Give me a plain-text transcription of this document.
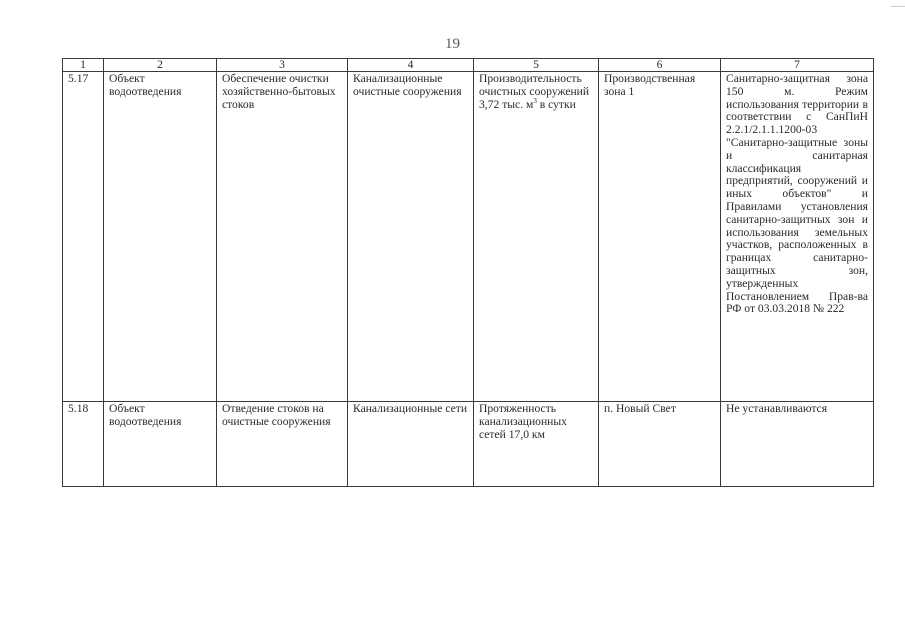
19
1	2	3	4	5	6	7
5.17	Объект водоотведения	Обеспечение очистки хозяйственно-бытовых стоков	Канализационные очистные сооружения	Производительность очистных сооружений 3,72 тыс. $м^3$ в сутки	Производственная зона 1	Санитарно-защитная зона 150 м. Режим использования территории в соответствии с СанПиН 2.2.1/2.1.1.1200-03 "Санитарно-защитные зоны и санитарная классификация предприятий, сооружений и иных объектов" и Правилами установления санитарно-защитных зон и использования земельных участков, расположенных в границах санитарно-защитных зон, утвержденных Постановлением Прав-ва РФ от 03.03.2018 № 222
5.18	Объект водоотведения	Отведение стоков на очистные сооружения	Канализационные сети	Протяженность канализационных сетей 17,0 км	п. Новый Свет	Не устанавливаются
